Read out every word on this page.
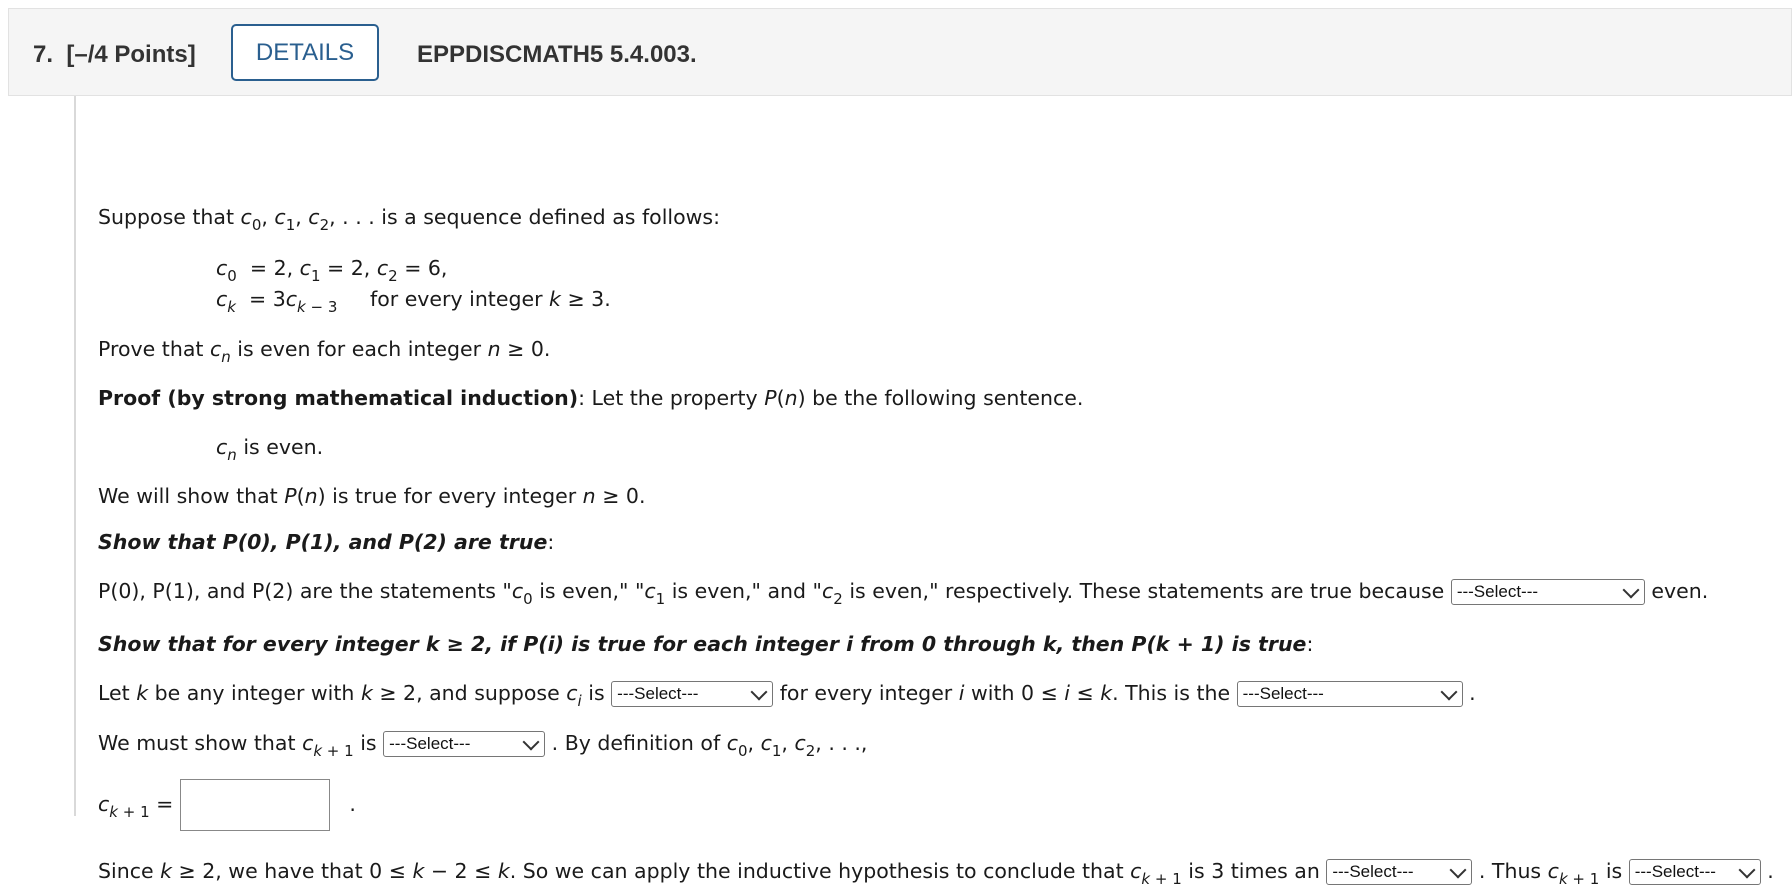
7. [–/4 Points]	DETAILS	EPPDISCMATH5 5.4.003.
Suppose that $c_0$, $c_1$, $c_2$, . . . is a sequence defined as follows:
$c_0 = 2$, $c_1 = 2$, $c_2 = 6$,
$c_k = 3c_{k - 3}$ for every integer k ≥ 3.
Prove that $c_n$ is even for each integer n ≥ 0.
Proof (by strong mathematical induction): Let the property P(n) be the following sentence.
$c_n$ is even.
We will show that P(n) is true for every integer n ≥ 0.
Show that P(0), P(1), and P(2) are true:
P(0), P(1), and P(2) are the statements "$c_0$ is even," "$c_1$ is even," and "$c_2$ is even," respectively. These statements are true because ---Select---	even.
Show that for every integer k ≥ 2, if P(i) is true for each integer i from 0 through k, then P(k + 1) is true:
Let k be any integer with k ≥ 2, and suppose $c_i$ is ---Select---	for every integer i with 0 ≤ i ≤ k. This is the ---Select---	.
We must show that $c_{k + 1}$ is ---Select---	. By definition of $c_0$, $c_1$, $c_2$, . . .,
$c_{k + 1}$ =	.
Since k ≥ 2, we have that 0 ≤ k − 2 ≤ k. So we can apply the inductive hypothesis to conclude that $c_{k + 1}$ is 3 times an ---Select---	. Thus $c_{k + 1}$ is ---Select--- .
